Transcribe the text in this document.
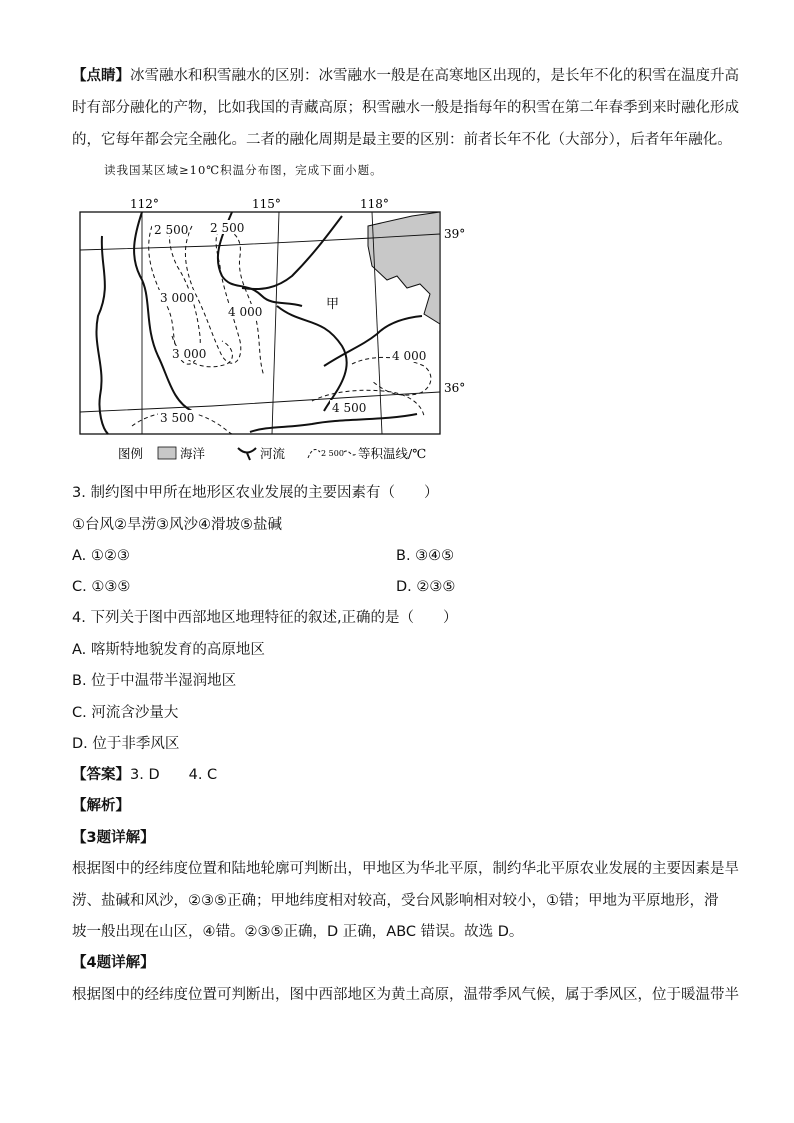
【点睛】冰雪融水和积雪融水的区别：冰雪融水一般是在高寒地区出现的，是长年不化的积雪在温度升高
时有部分融化的产物，比如我国的青藏高原；积雪融水一般是指每年的积雪在第二年春季到来时融化形成
的，它每年都会完全融化。二者的融化周期是最主要的区别：前者长年不化（大部分），后者年年融化。
读我国某区域≥10℃积温分布图，完成下面小题。
112°	115°	118°
39°
36°
2 500 2 500
3 000
4 000
3 000
3 500
4 000
4 500
甲
图例	海洋	河流	2 500 等积温线/℃
3. 制约图中甲所在地形区农业发展的主要因素有（　　）
①台风②旱涝③风沙④滑坡⑤盐碱
A. ①②③	B. ③④⑤
C. ①③⑤	D. ②③⑤
4. 下列关于图中西部地区地理特征的叙述,正确的是（　　）
A. 喀斯特地貌发育的高原地区
B. 位于中温带半湿润地区
C. 河流含沙量大
D. 位于非季风区
【答案】3. D　　4. C
【解析】
【3题详解】
根据图中的经纬度位置和陆地轮廓可判断出，甲地区为华北平原，制约华北平原农业发展的主要因素是旱
涝、盐碱和风沙，②③⑤正确；甲地纬度相对较高，受台风影响相对较小，①错；甲地为平原地形，滑
坡一般出现在山区，④错。②③⑤正确，D 正确，ABC 错误。故选 D。
【4题详解】
根据图中的经纬度位置可判断出，图中西部地区为黄土高原，温带季风气候，属于季风区，位于暖温带半
